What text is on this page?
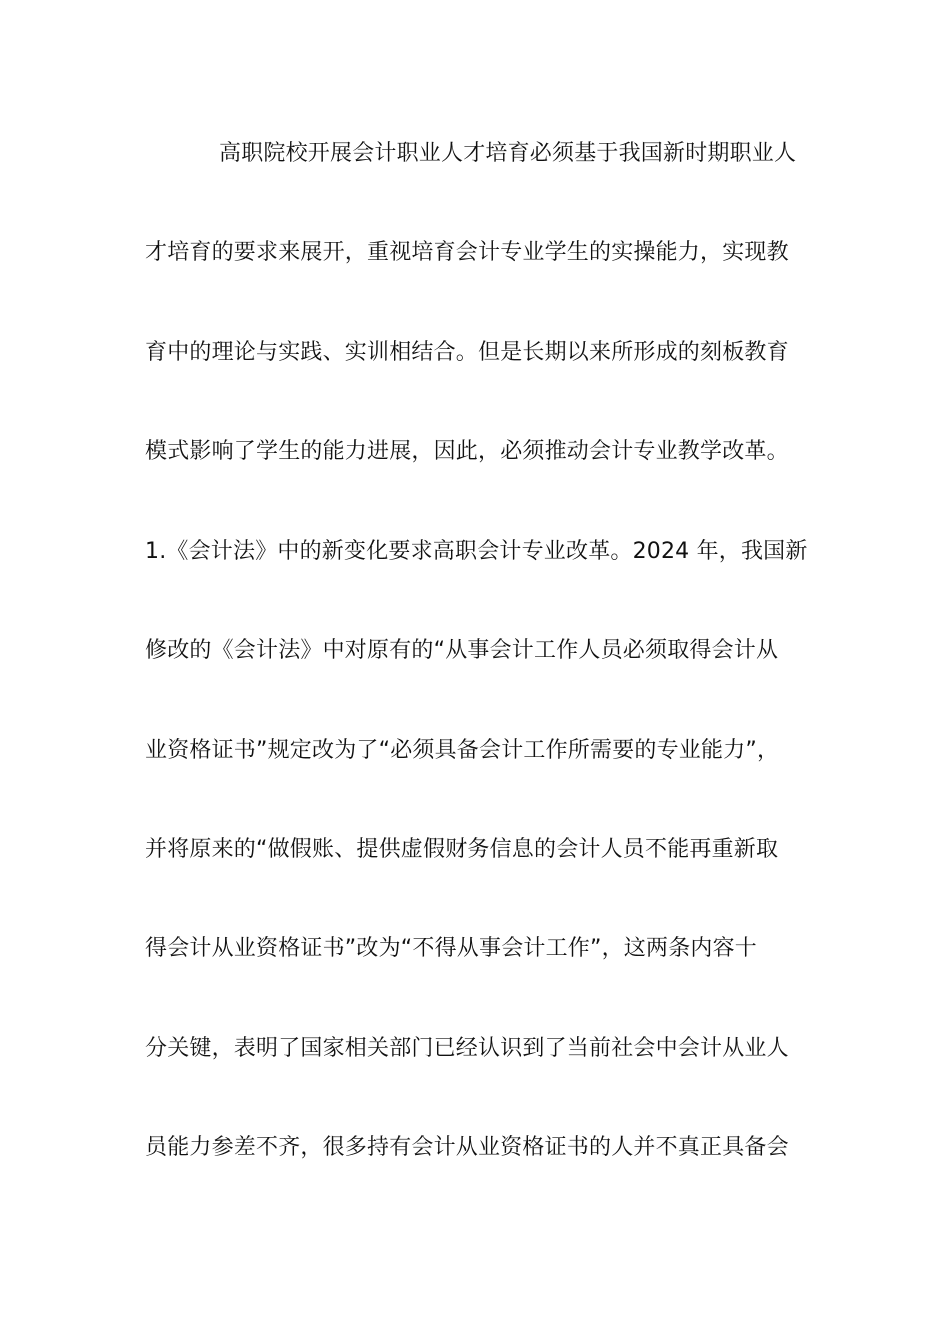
高职院校开展会计职业人才培育必须基于我国新时期职业人
才培育的要求来展开，重视培育会计专业学生的实操能力，实现教
育中的理论与实践、实训相结合。但是长期以来所形成的刻板教育
模式影响了学生的能力进展，因此，必须推动会计专业教学改革。
1.《会计法》中的新变化要求高职会计专业改革。2024 年，我国新
修改的《会计法》中对原有的“从事会计工作人员必须取得会计从
业资格证书”规定改为了“必须具备会计工作所需要的专业能力”，
并将原来的“做假账、提供虚假财务信息的会计人员不能再重新取
得会计从业资格证书”改为“不得从事会计工作”，这两条内容十
分关键，表明了国家相关部门已经认识到了当前社会中会计从业人
员能力参差不齐，很多持有会计从业资格证书的人并不真正具备会
